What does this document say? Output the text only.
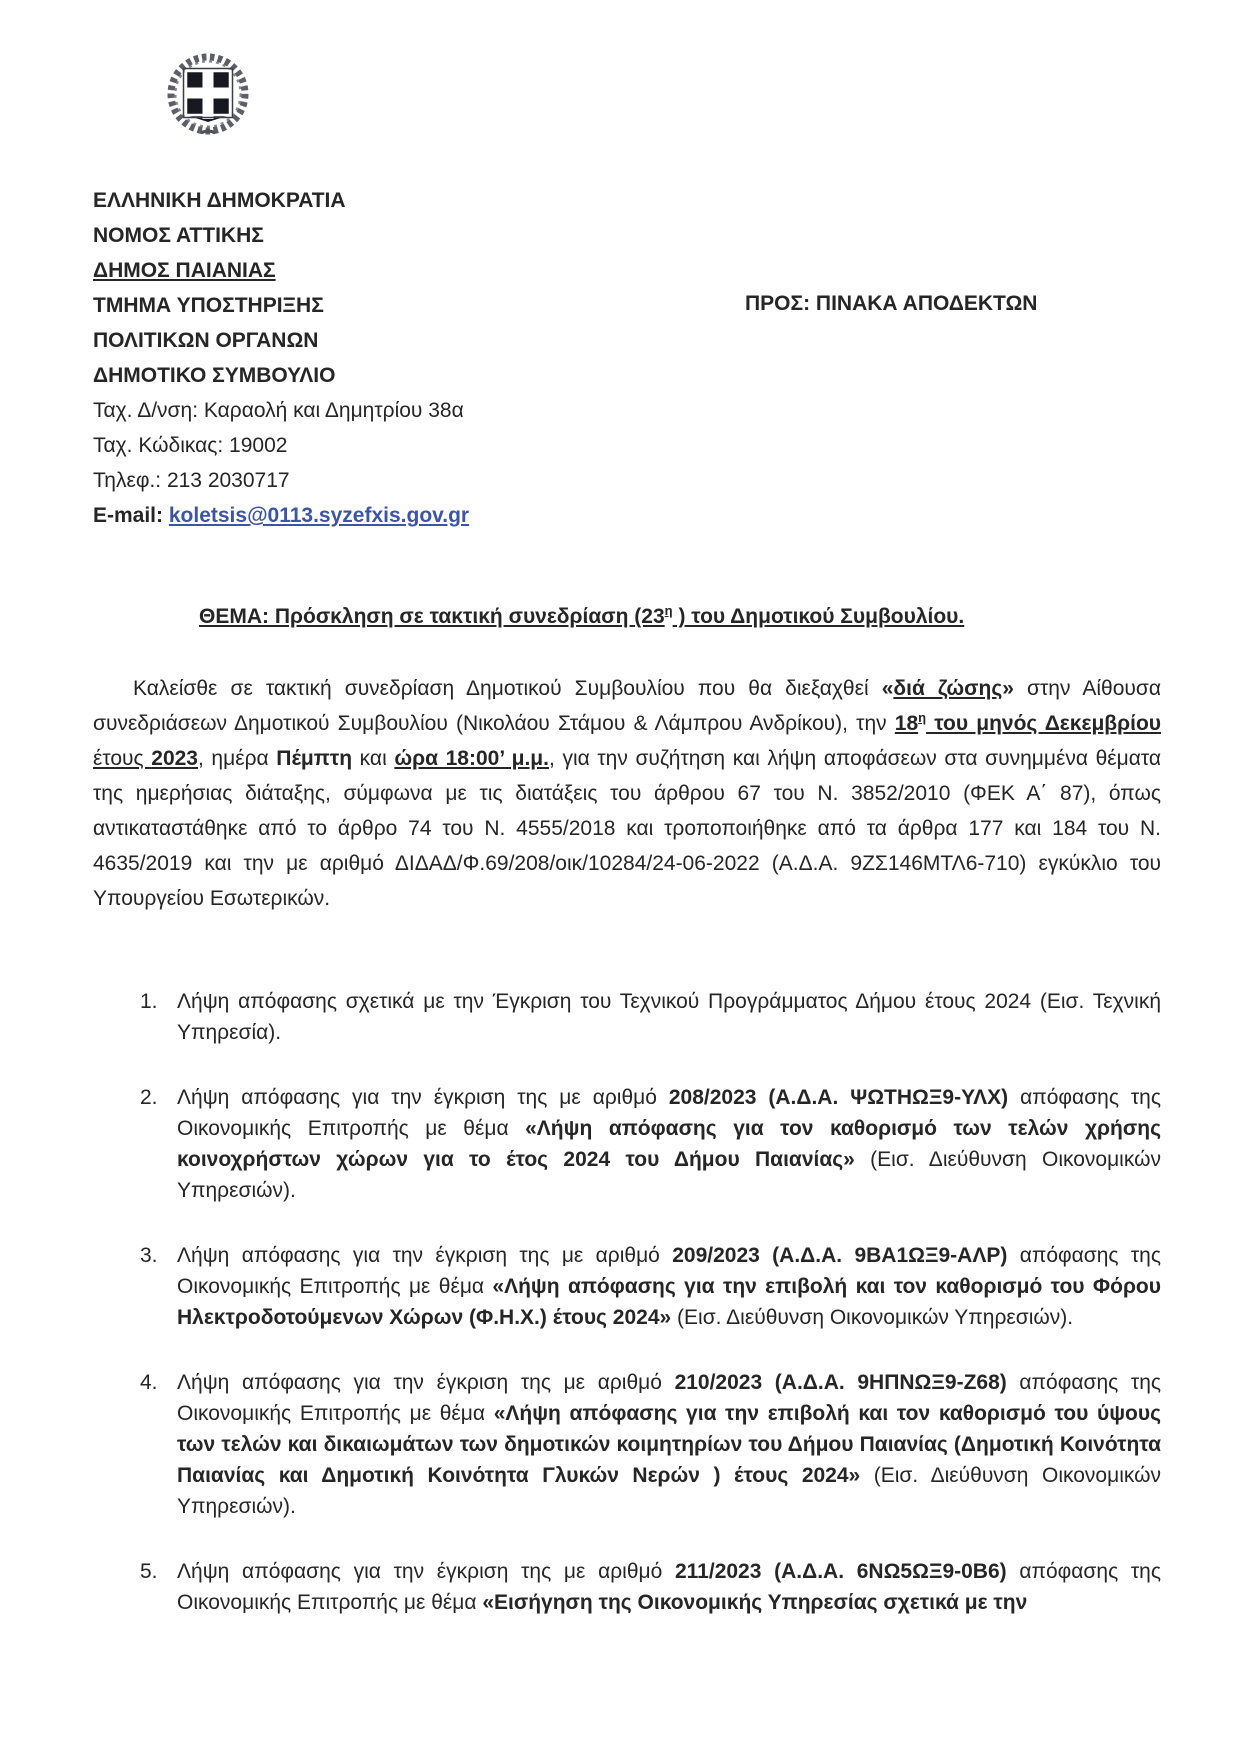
ΕΛΛΗΝΙΚΗ ΔΗΜΟΚΡΑΤΙΑ
ΝΟΜΟΣ ΑΤΤΙΚΗΣ
ΔΗΜΟΣ ΠΑΙΑΝΙΑΣ
ΤΜΗΜΑ ΥΠΟΣΤΗΡΙΞΗΣ
ΠΟΛΙΤΙΚΩΝ ΟΡΓΑΝΩΝ
ΔΗΜΟΤΙΚΟ ΣΥΜΒΟΥΛΙΟ
Ταχ. Δ/νση: Καραολή και Δημητρίου 38α
Ταχ. Κώδικας: 19002
Τηλεφ.: 213 2030717
E-mail: koletsis@0113.syzefxis.gov.gr
ΠΡΟΣ: ΠΙΝΑΚΑ ΑΠΟΔΕΚΤΩΝ
ΘΕΜΑ: Πρόσκληση σε τακτική συνεδρίαση ($23^\eta$ ) του Δημοτικού Συμβουλίου.

Καλείσθε σε τακτική συνεδρίαση Δημοτικού Συμβουλίου που θα διεξαχθεί «διά ζώσης» στην Αίθουσα συνεδριάσεων Δημοτικού Συμβουλίου (Νικολάου Στάμου & Λάμπρου Ανδρίκου), την $18^\eta$ του μηνός Δεκεμβρίου έτους 2023, ημέρα Πέμπτη και ώρα 18:00’ μ.μ., για την συζήτηση και λήψη αποφάσεων στα συνημμένα θέματα της ημερήσιας διάταξης, σύμφωνα με τις διατάξεις του άρθρου 67 του Ν. 3852/2010 (ΦΕΚ Α΄ 87), όπως αντικαταστάθηκε από το άρθρο 74 του Ν. 4555/2018 και τροποποιήθηκε από τα άρθρα 177 και 184 του Ν. 4635/2019 και την με αριθμό ΔΙΔΑΔ/Φ.69/208/οικ/10284/24-06-2022 (Α.Δ.Α. 9ΖΣ146ΜΤΛ6-710) εγκύκλιο του Υπουργείου Εσωτερικών.

1. Λήψη απόφασης σχετικά με την Έγκριση του Τεχνικού Προγράμματος Δήμου έτους 2024 (Εισ. Τεχνική Υπηρεσία).
2. Λήψη απόφασης για την έγκριση της με αριθμό 208/2023 (Α.Δ.Α. ΨΩΤΗΩΞ9-ΥΛΧ) απόφασης της Οικονομικής Επιτροπής με θέμα «Λήψη απόφασης για τον καθορισμό των τελών χρήσης κοινοχρήστων χώρων για το έτος 2024 του Δήμου Παιανίας» (Εισ. Διεύθυνση Οικονομικών Υπηρεσιών).
3. Λήψη απόφασης για την έγκριση της με αριθμό 209/2023 (Α.Δ.Α. 9ΒΑ1ΩΞ9-ΑΛΡ) απόφασης της Οικονομικής Επιτροπής με θέμα «Λήψη απόφασης για την επιβολή και τον καθορισμό του Φόρου Ηλεκτροδοτούμενων Χώρων (Φ.Η.Χ.) έτους 2024» (Εισ. Διεύθυνση Οικονομικών Υπηρεσιών).
4. Λήψη απόφασης για την έγκριση της με αριθμό 210/2023 (Α.Δ.Α. 9ΗΠΝΩΞ9-Ζ68) απόφασης της Οικονομικής Επιτροπής με θέμα «Λήψη απόφασης για την επιβολή και τον καθορισμό του ύψους των τελών και δικαιωμάτων των δημοτικών κοιμητηρίων του Δήμου Παιανίας (Δημοτική Κοινότητα Παιανίας και Δημοτική Κοινότητα Γλυκών Νερών ) έτους 2024» (Εισ. Διεύθυνση Οικονομικών Υπηρεσιών).
5. Λήψη απόφασης για την έγκριση της με αριθμό 211/2023 (Α.Δ.Α. 6ΝΩ5ΩΞ9-0Β6) απόφασης της Οικονομικής Επιτροπής με θέμα «Εισήγηση της Οικονομικής Υπηρεσίας σχετικά με την
